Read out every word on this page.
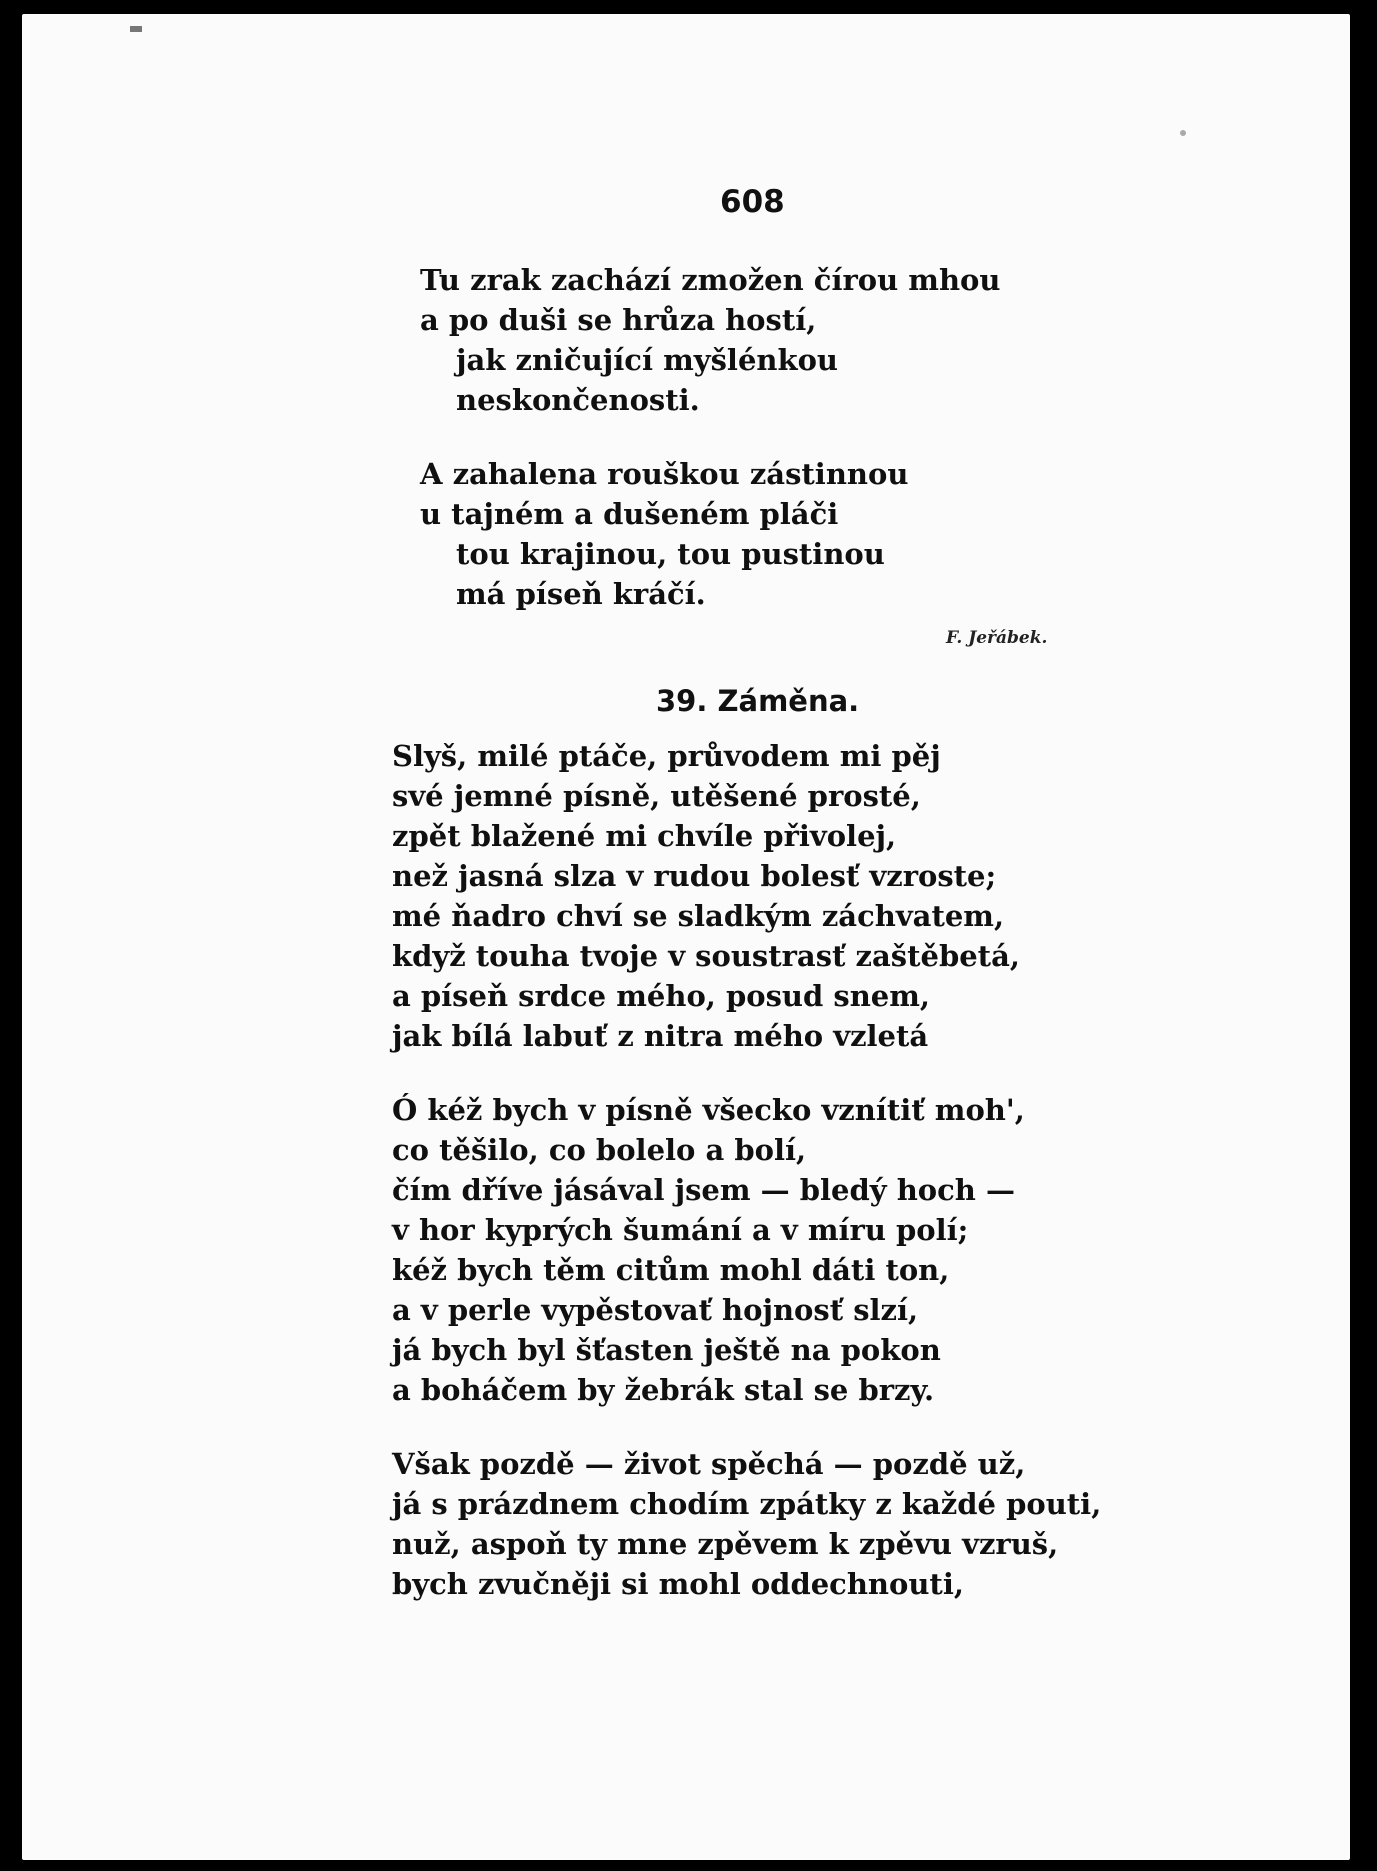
608
Tu zrak zachází zmožen čírou mhou
a po duši se hrůza hostí,
jak zničující myšlénkou
neskončenosti.
A zahalena rouškou zástinnou
u tajném a dušeném pláči
tou krajinou, tou pustinou
má píseň kráčí.
F. Jeřábek.
39. Záměna.
Slyš, milé ptáče, průvodem mi pěj
své jemné písně, utěšené prosté,
zpět blažené mi chvíle přivolej,
než jasná slza v rudou bolesť vzroste;
mé ňadro chví se sladkým záchvatem,
když touha tvoje v soustrasť zaštěbetá,
a píseň srdce mého, posud snem,
jak bílá labuť z nitra mého vzletá
Ó kéž bych v písně všecko vznítiť moh',
co těšilo, co bolelo a bolí,
čím dříve jásával jsem — bledý hoch —
v hor kyprých šumání a v míru polí;
kéž bych těm citům mohl dáti ton,
a v perle vypěstovať hojnosť slzí,
já bych byl šťasten ještě na pokon
a boháčem by žebrák stal se brzy.
Však pozdě — život spěchá — pozdě už,
já s prázdnem chodím zpátky z každé pouti,
nuž, aspoň ty mne zpěvem k zpěvu vzruš,
bych zvučněji si mohl oddechnouti,
